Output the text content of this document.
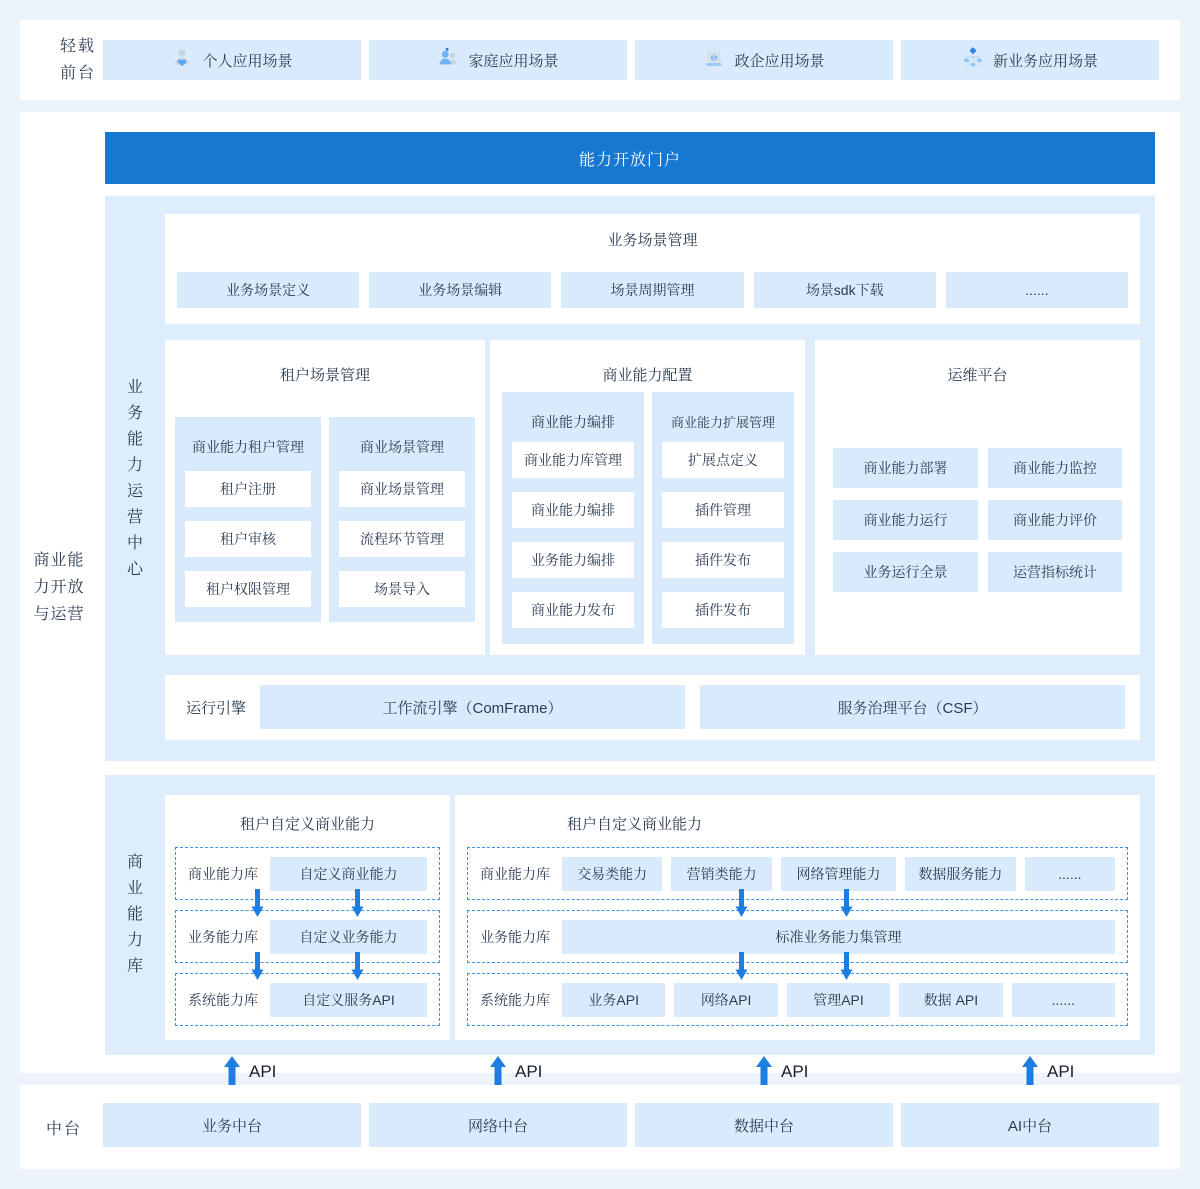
轻载前台
个人应用场景	家庭应用场景	$ 政企应用场景	新业务应用场景
商业能力开放与运营
能力开放门户
业务能力运营中心
业务场景管理
业务场景定义	业务场景编辑	场景周期管理	场景sdk下载	......
租户场景管理
商业能力租户管理
租户注册
租户审核
租户权限管理
商业场景管理
商业场景管理
流程环节管理
场景导入
商业能力配置
商业能力编排
商业能力库管理
商业能力编排
业务能力编排
商业能力发布
商业能力扩展管理
扩展点定义
插件管理
插件发布
插件发布
运维平台
商业能力部署	商业能力监控
商业能力运行	商业能力评价
业务运行全景	运营指标统计
运行引擎	工作流引擎（ComFrame）	服务治理平台（CSF）
商业能力库
租户自定义商业能力
商业能力库	自定义商业能力
业务能力库	自定义业务能力
系统能力库	自定义服务API
租户自定义商业能力
商业能力库	交易类能力	营销类能力	网络管理能力	数据服务能力	......
业务能力库	标准业务能力集管理
系统能力库	业务API	网络API	管理API	数据 API	......
API	API	API	API
中台	业务中台	网络中台	数据中台	AI中台
